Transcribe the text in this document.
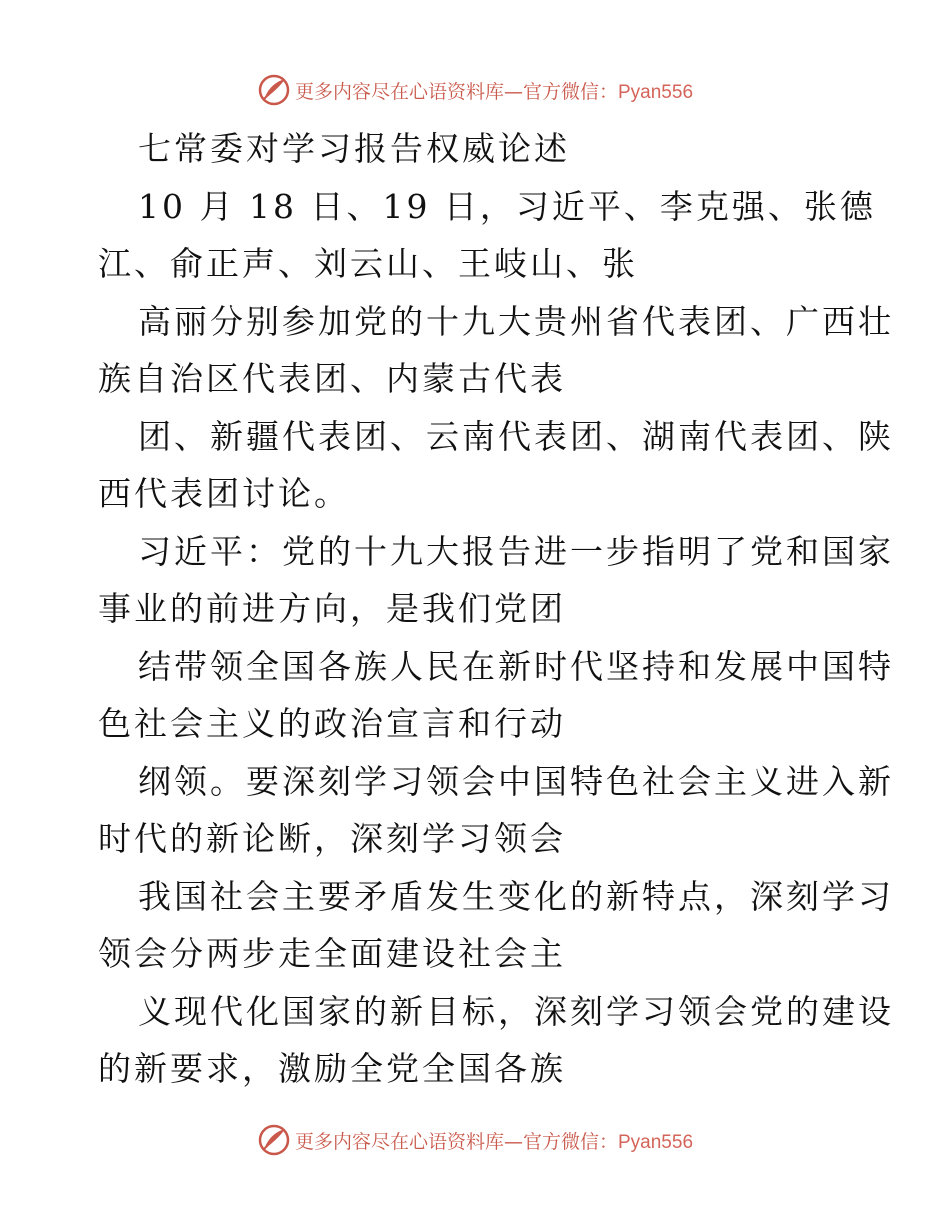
更多内容尽在心语资料库—官方微信：Pyan556
七常委对学习报告权威论述
10 月 18 日、19 日，习近平、李克强、张德
江、俞正声、刘云山、王岐山、张
高丽分别参加党的十九大贵州省代表团、广西壮
族自治区代表团、内蒙古代表
团、新疆代表团、云南代表团、湖南代表团、陕
西代表团讨论。
习近平：党的十九大报告进一步指明了党和国家
事业的前进方向，是我们党团
结带领全国各族人民在新时代坚持和发展中国特
色社会主义的政治宣言和行动
纲领。要深刻学习领会中国特色社会主义进入新
时代的新论断，深刻学习领会
我国社会主要矛盾发生变化的新特点，深刻学习
领会分两步走全面建设社会主
义现代化国家的新目标，深刻学习领会党的建设
的新要求，激励全党全国各族
更多内容尽在心语资料库—官方微信：Pyan556
